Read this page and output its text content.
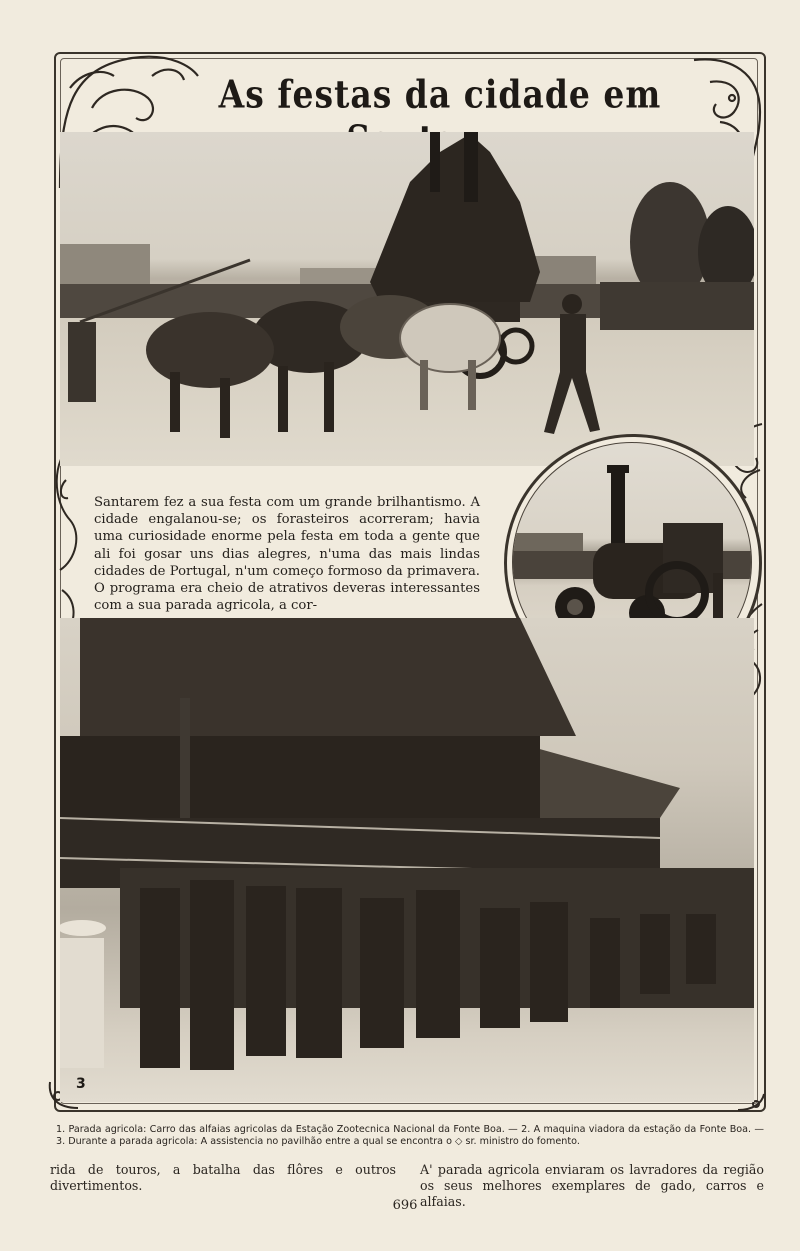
As festas da cidade em

Santarem fez a sua festa com um grande brilhantismo. A cidade engalanou-se; os forasteiros acorreram; havia uma curiosidade enorme pela festa em toda a gente que ali foi gosar uns dias alegres, n'uma das mais lindas cidades de Portugal, n'um começo formoso da primavera. O programa era cheio de atrativos deveras interessantes com a sua parada agricola, a cor-

3
1. Parada agricola: Carro das alfaias agricolas da Estação Zootecnica Nacional da Fonte Boa. — 2. A maquina viadora da estação da Fonte Boa. — 3. Durante a parada agricola: A assistencia no pavilhão entre a qual se encontra o ◇ sr. ministro do fomento.
rida de touros, a batalha das flôres e outros divertimentos.
A' parada agricola enviaram os lavradores da região os seus melhores exemplares de gado, carros e alfaias.
696
